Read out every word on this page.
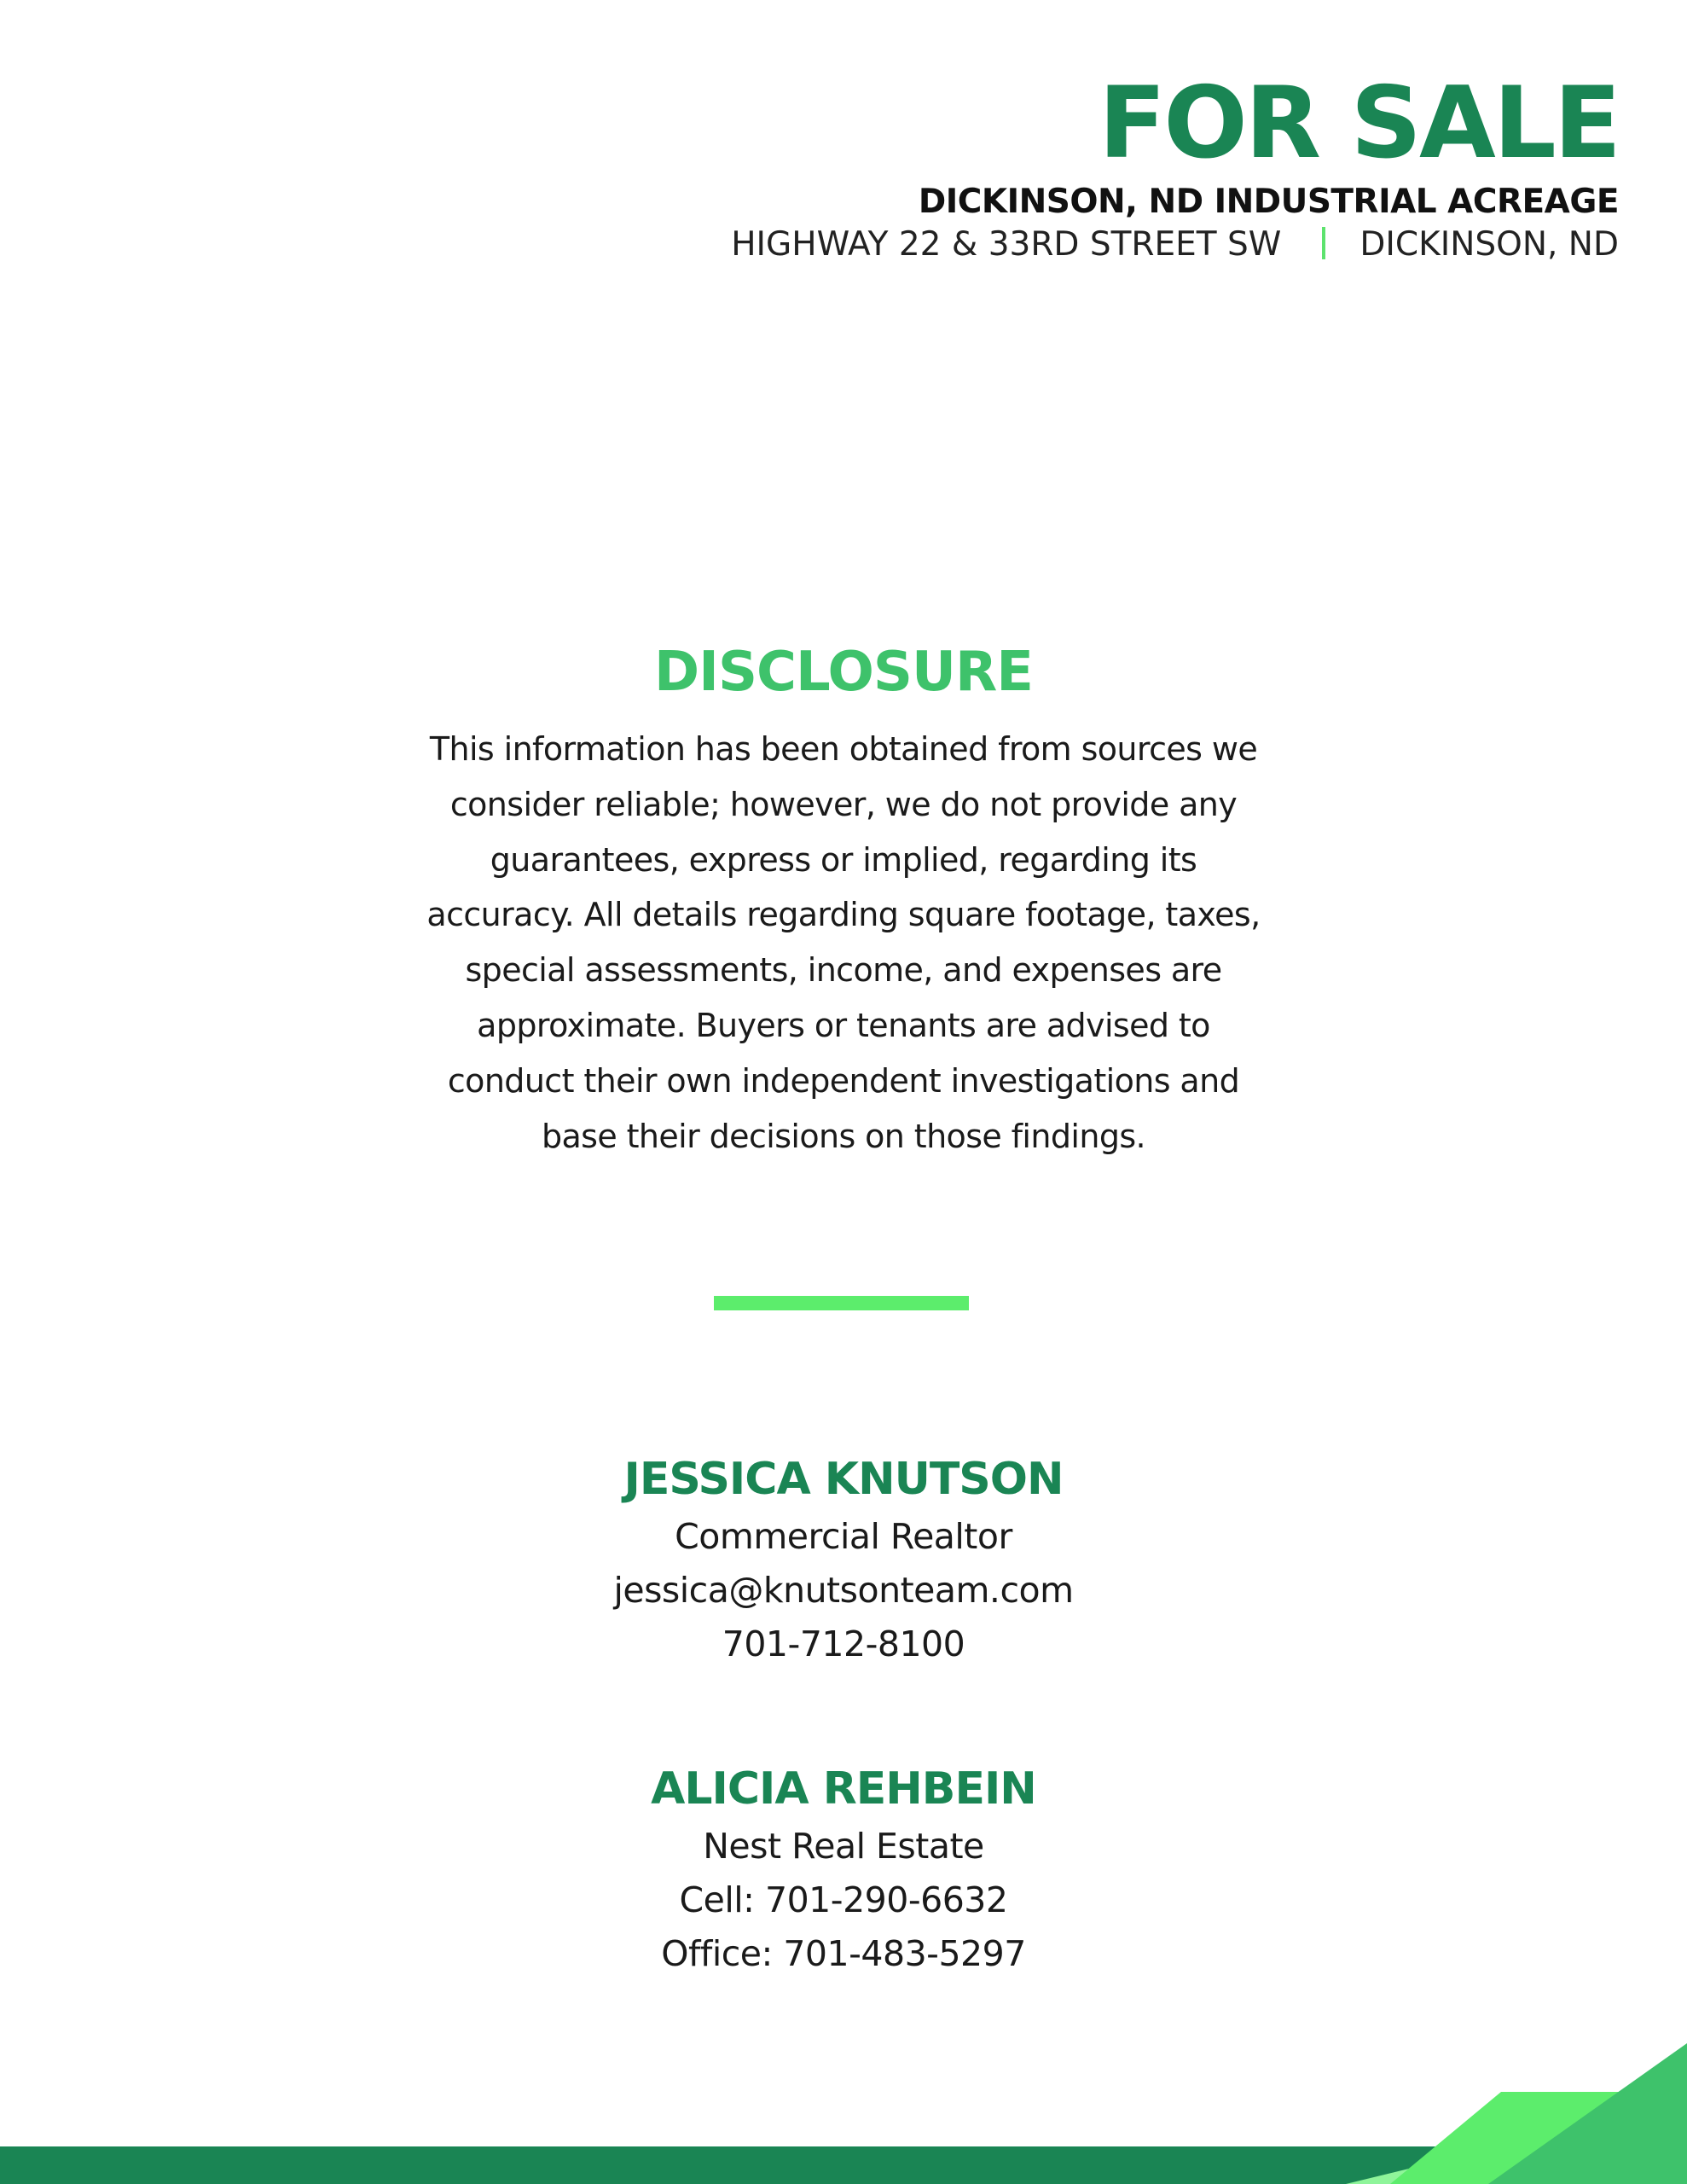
FOR SALE
DICKINSON, ND INDUSTRIAL ACREAGE
HIGHWAY 22 & 33RD STREET SW DICKINSON, ND
DISCLOSURE
This information has been obtained from sources we consider reliable; however, we do not provide any guarantees, express or implied, regarding its accuracy. All details regarding square footage, taxes, special assessments, income, and expenses are approximate. Buyers or tenants are advised to conduct their own independent investigations and base their decisions on those findings.
JESSICA KNUTSON
Commercial Realtor
jessica@knutsonteam.com
701-712-8100
ALICIA REHBEIN
Nest Real Estate
Cell: 701-290-6632
Office: 701-483-5297
